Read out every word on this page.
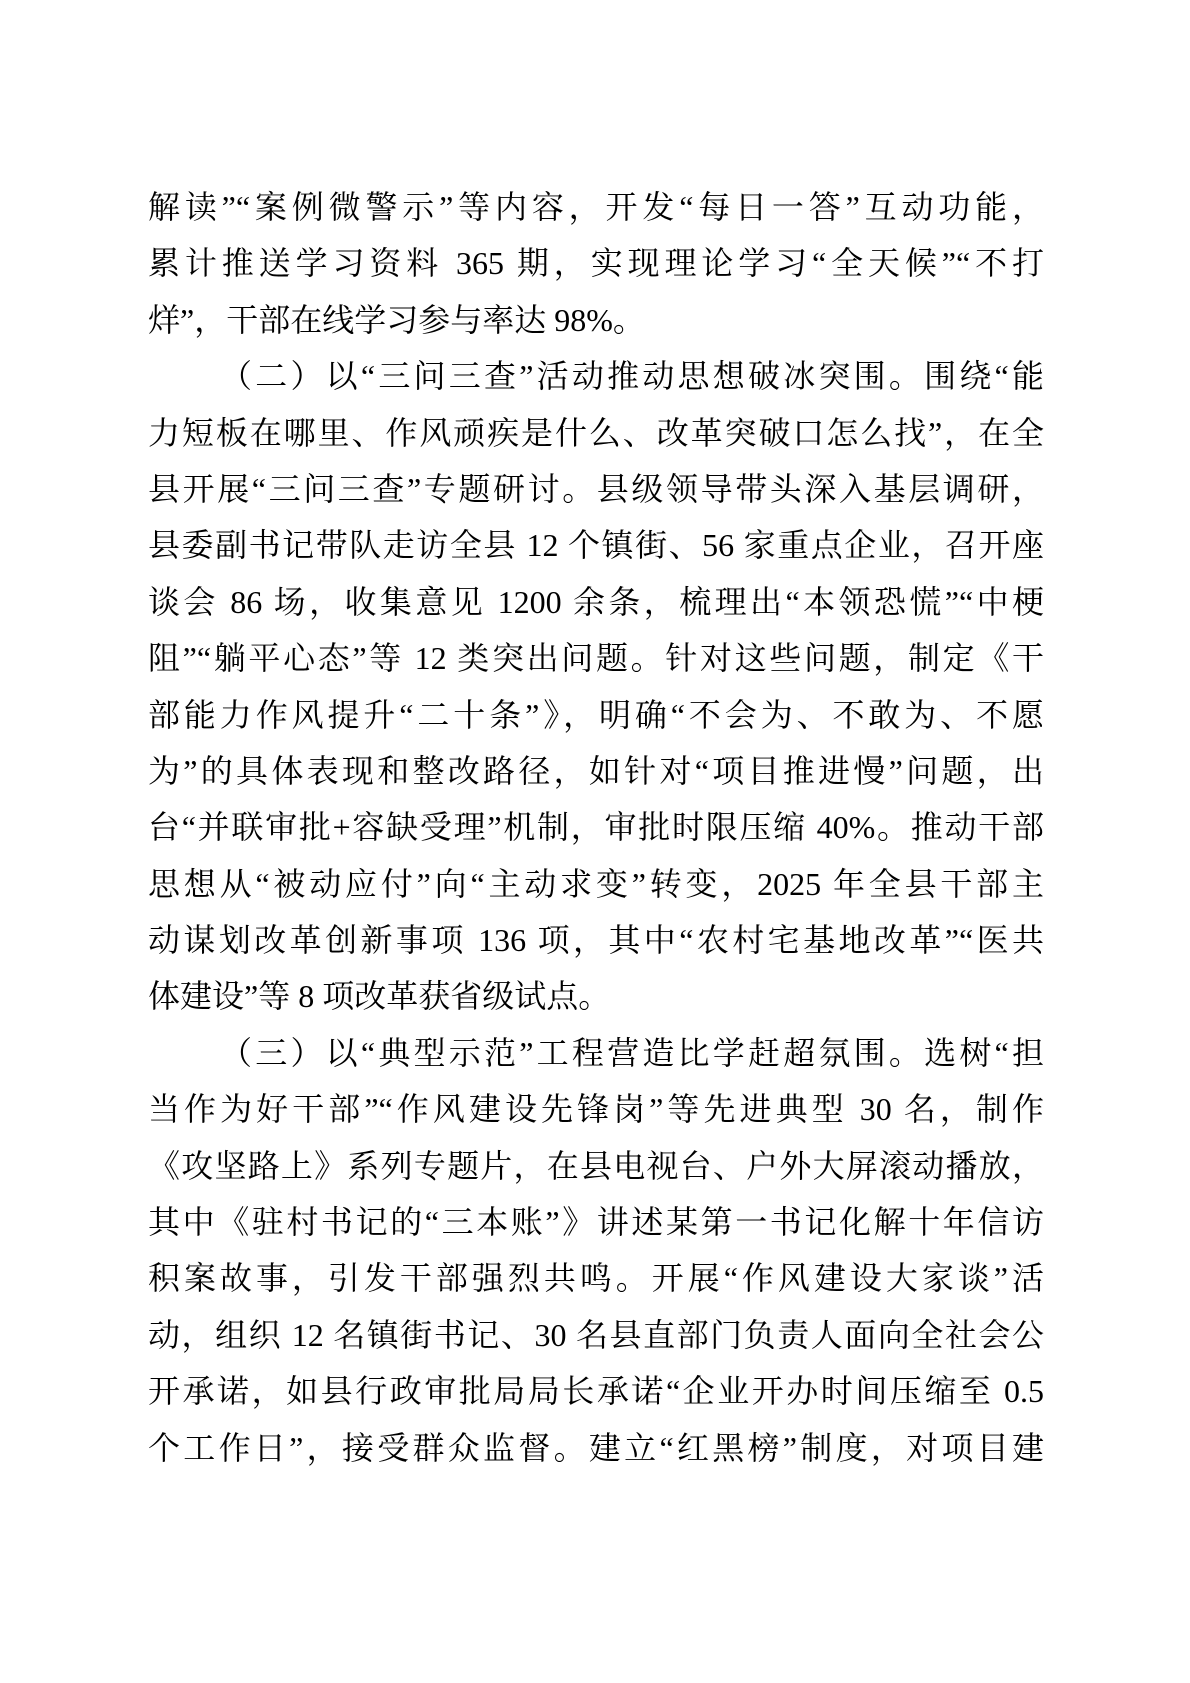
解读”“案例微警示”等内容，开发“每日一答”互动功能，
累计推送学习资料 365 期，实现理论学习“全天候”“不打
烊”，干部在线学习参与率达 98%。
（二）以“三问三查”活动推动思想破冰突围。围绕“能
力短板在哪里、作风顽疾是什么、改革突破口怎么找”，在全
县开展“三问三查”专题研讨。县级领导带头深入基层调研，
县委副书记带队走访全县 12 个镇街、56 家重点企业，召开座
谈会 86 场，收集意见 1200 余条，梳理出“本领恐慌”“中梗
阻”“躺平心态”等 12 类突出问题。针对这些问题，制定《干
部能力作风提升“二十条”》，明确“不会为、不敢为、不愿
为”的具体表现和整改路径，如针对“项目推进慢”问题，出
台“并联审批+容缺受理”机制，审批时限压缩 40%。推动干部
思想从“被动应付”向“主动求变”转变，2025 年全县干部主
动谋划改革创新事项 136 项，其中“农村宅基地改革”“医共
体建设”等 8 项改革获省级试点。
（三）以“典型示范”工程营造比学赶超氛围。选树“担
当作为好干部”“作风建设先锋岗”等先进典型 30 名，制作
《攻坚路上》系列专题片，在县电视台、户外大屏滚动播放，
其中《驻村书记的“三本账”》讲述某第一书记化解十年信访
积案故事，引发干部强烈共鸣。开展“作风建设大家谈”活
动，组织 12 名镇街书记、30 名县直部门负责人面向全社会公
开承诺，如县行政审批局局长承诺“企业开办时间压缩至 0.5
个工作日”，接受群众监督。建立“红黑榜”制度，对项目建
